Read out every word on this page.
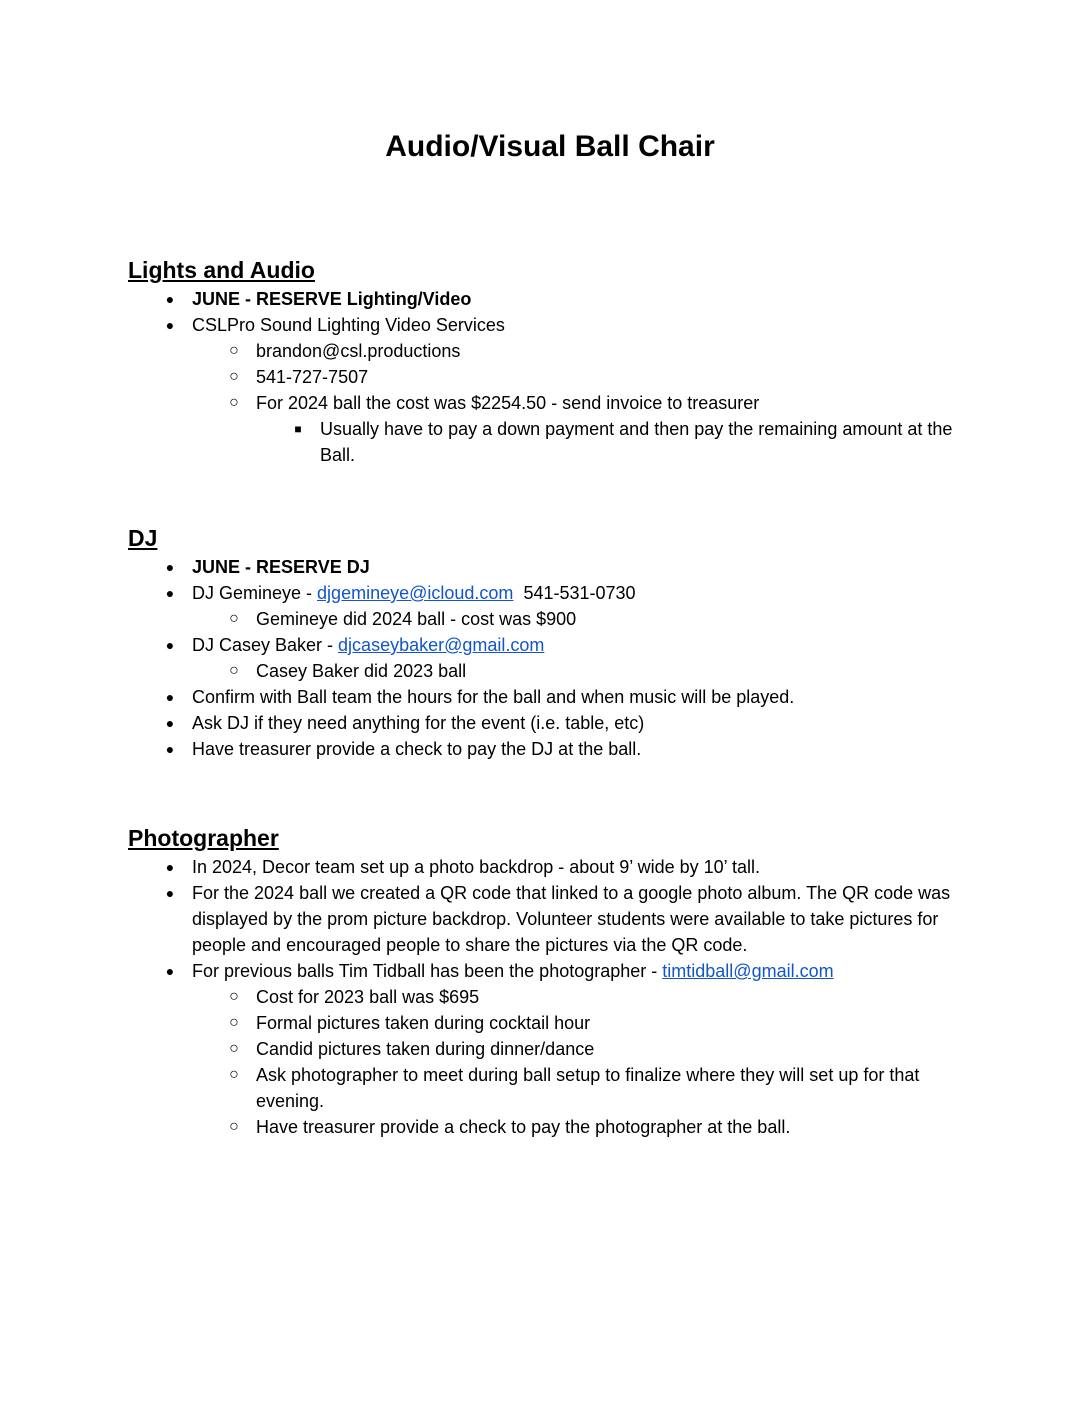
Audio/Visual Ball Chair
Lights and Audio
● JUNE - RESERVE Lighting/Video
● CSLPro Sound Lighting Video Services
○ brandon@csl.productions
○ 541-727-7507
○ For 2024 ball the cost was $2254.50 - send invoice to treasurer
■	Usually have to pay a down payment and then pay the remaining amount at the Ball.
DJ
● JUNE - RESERVE DJ
● DJ Gemineye - djgemineye@icloud.com 541-531-0730
○ Gemineye did 2024 ball - cost was $900
● DJ Casey Baker - djcaseybaker@gmail.com
○ Casey Baker did 2023 ball
● Confirm with Ball team the hours for the ball and when music will be played.
● Ask DJ if they need anything for the event (i.e. table, etc)
● Have treasurer provide a check to pay the DJ at the ball.
Photographer
● In 2024, Decor team set up a photo backdrop - about 9’ wide by 10’ tall.
● For the 2024 ball we created a QR code that linked to a google photo album. The QR code was displayed by the prom picture backdrop. Volunteer students were available to take pictures for people and encouraged people to share the pictures via the QR code.
● For previous balls Tim Tidball has been the photographer - timtidball@gmail.com
○ Cost for 2023 ball was $695
○ Formal pictures taken during cocktail hour
○ Candid pictures taken during dinner/dance
○ Ask photographer to meet during ball setup to finalize where they will set up for that evening.
○ Have treasurer provide a check to pay the photographer at the ball.
